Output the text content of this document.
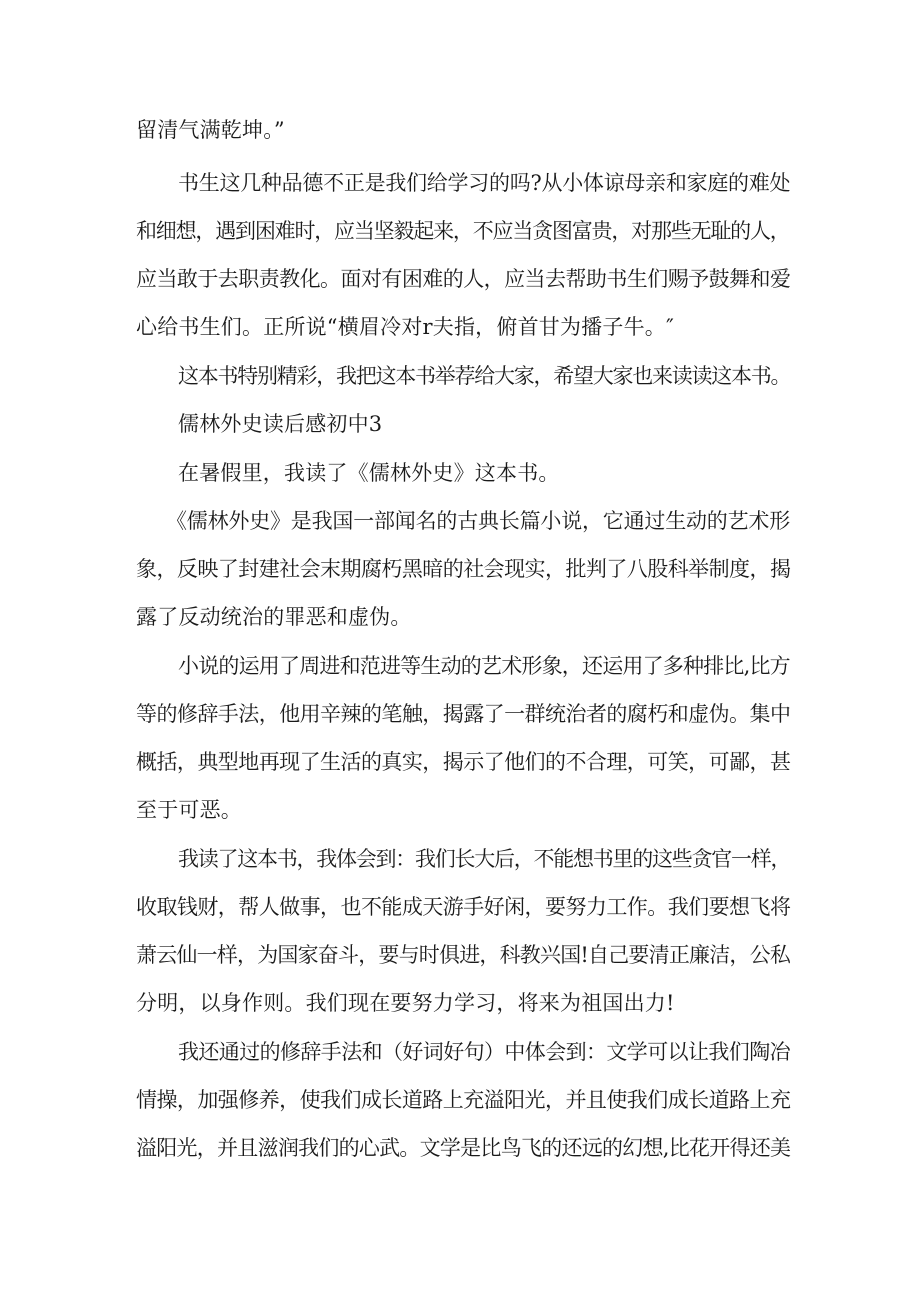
留清气满乾坤。”
书生这几种品德不正是我们给学习的吗?从小体谅母亲和家庭的难处
和细想，遇到困难时，应当坚毅起来，不应当贪图富贵，对那些无耻的人，
应当敢于去职责教化。面对有困难的人，应当去帮助书生们赐予鼓舞和爱
心给书生们。正所说“横眉冷对r夫指，俯首甘为播子牛。″
这本书特别精彩，我把这本书举荐给大家，希望大家也来读读这本书。
儒林外史读后感初中3
在暑假里，我读了《儒林外史》这本书。
《儒林外史》是我国一部闻名的古典长篇小说，它通过生动的艺术形
象，反映了封建社会末期腐朽黑暗的社会现实，批判了八股科举制度，揭
露了反动统治的罪恶和虚伪。
小说的运用了周进和范进等生动的艺术形象，还运用了多种排比,比方
等的修辞手法，他用辛辣的笔触，揭露了一群统治者的腐朽和虚伪。集中
概括，典型地再现了生活的真实，揭示了他们的不合理，可笑，可鄙，甚
至于可恶。
我读了这本书，我体会到：我们长大后，不能想书里的这些贪官一样，
收取钱财，帮人做事，也不能成天游手好闲，要努力工作。我们要想飞将
萧云仙一样，为国家奋斗，要与时俱进，科教兴国!自己要清正廉洁，公私
分明，以身作则。我们现在要努力学习，将来为祖国出力!
我还通过的修辞手法和（好词好句）中体会到：文学可以让我们陶冶
情操，加强修养，使我们成长道路上充溢阳光，并且使我们成长道路上充
溢阳光，并且滋润我们的心武。文学是比鸟飞的还远的幻想,比花开得还美
